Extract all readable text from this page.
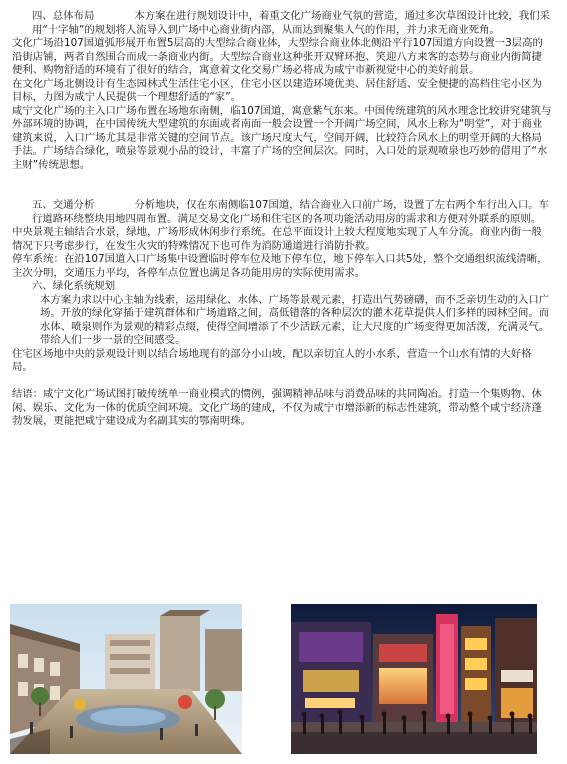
四、总体布局	本方案在进行规划设计中，着重文化广场商业气氛的营造，通过多次草图设计比较，我们采用“十字轴”的规划将人流导入到广场中心商业街内部，从而达到聚集人气的作用，并力求无商业死角。

文化广场沿107国道弧形展开布置5层高的大型综合商业体，大型综合商业体北侧沿平行107国道方向设置一3层高的沿街店铺，两者自然围合而成一条商业内街。大型综合商业这种张开双臂环抱、笑迎八方来客的态势与商业内街简捷便利、购物舒适的环境有了很好的结合，寓意着文化交易广场必将成为咸宁市新视觉中心的美好前景。

在文化广场北侧设计有生态园林式生活住宅小区，住宅小区以建造环境优美、居住舒适、安全便捷的高档住宅小区为目标，力图为咸宁人民提供一个理想舒适的“家”。

咸宁文化广场的主入口广场布置在场地东南侧，临107国道，寓意紫气东来。中国传统建筑的风水理念比较讲究建筑与外部环境的协调，在中国传统大型建筑的东面或者南面一般会设置一个开阔广场空间，风水上称为“明堂”，对于商业建筑来说，入口广场尤其是非常关键的空间节点。该广场尺度大气，空间开阔，比较符合风水上的明堂开阔的大格局手法。广场结合绿化，喷泉等景观小品的设计，丰富了广场的空间层次。同时，入口处的景观喷泉也巧妙的借用了“水主财”传统思想。

五、交通分析	分析地块，仅在东南侧临107国道，结合商业入口前广场，设置了左右两个车行出入口。车行道路环绕整块用地四周布置。满足交易文化广场和住宅区的各项功能活动用房的需求和方便对外联系的原则。

中央景观主轴结合水景，绿地，广场形成休闲步行系统。在总平面设计上较大程度地实现了人车分流。商业内街一般情况下只考虑步行，在发生火灾的特殊情况下也可作为消防通道进行消防扑救。

停车系统：在沿107国道入口广场集中设置临时停车位及地下停车位，地下停车入口共5处，整个交通组织流线清晰，主次分明，交通压力平均，各停车点位置也满足各功能用房的实际使用需求。

六、绿化系统规划

本方案力求以中心主轴为线索，运用绿化、水体、广场等景观元素，打造出气势磅礴，而不乏亲切生动的入口广场。开放的绿化穿插于建筑群体和广场道路之间，高低错落的各种层次的灌木花草提供人们多样的园林空间。而水体、喷泉则作为景观的精彩点缀，使得空间增添了不少活跃元素，让大尺度的广场变得更加活泼，充满灵气。带给人们一步一景的空间感受。

住宅区场地中央的景观设计则以结合场地现有的部分小山坡，配以亲切宜人的小水系，营造一个山水有情的大好格局。

结语：咸宁文化广场试图打破传统单一商业模式的惯例，强调精神品味与消费品味的共同陶冶。打造一个集购物、休闲、娱乐、文化为一体的优质空间环境。文化广场的建成，不仅为咸宁市增添新的标志性建筑，带动整个咸宁经济蓬勃发展，更能把咸宁建设成为名副其实的鄂南明珠。
